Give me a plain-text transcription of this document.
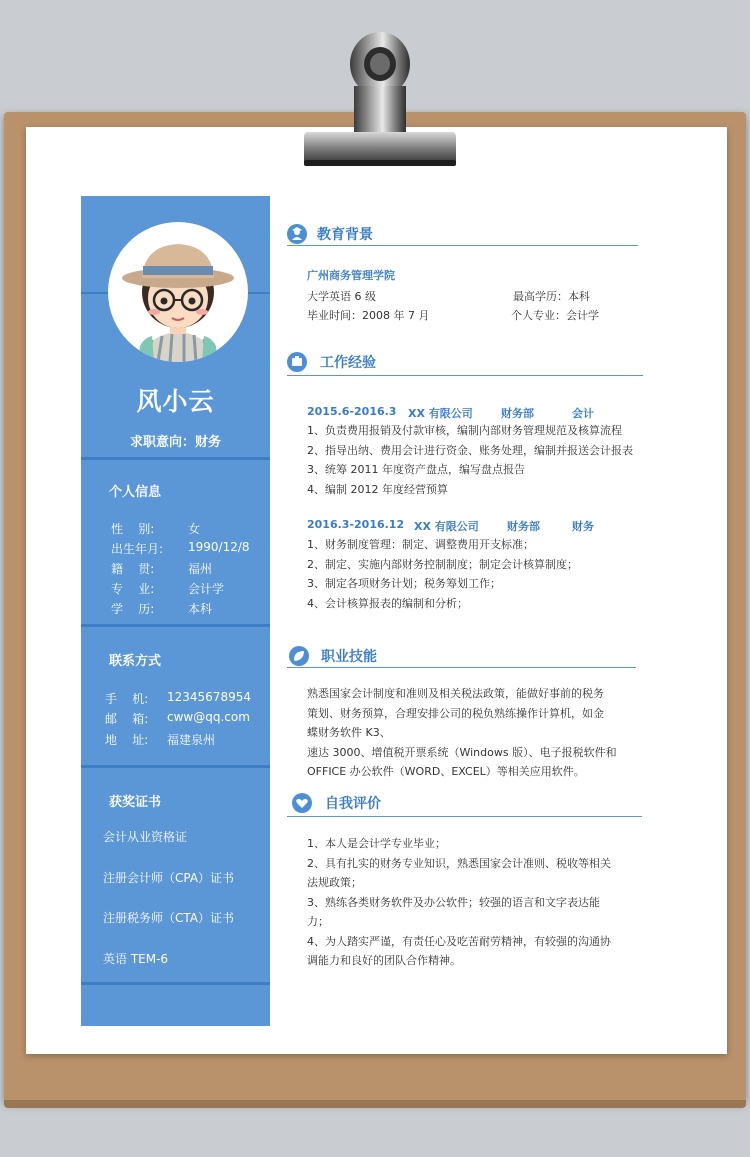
风小云
求职意向：财务
个人信息
性    别:	女
出生年月: 1990/12/8
籍    贯:	福州
专    业:	会计学
学    历:	本科
联系方式
手    机: 12345678954
邮    箱: cww@qq.com
地    址: 福建泉州
获奖证书
会计从业资格证
注册会计师（CPA）证书
注册税务师（CTA）证书
英语 TEM-6
教育背景
广州商务管理学院
大学英语 6 级	最高学历：本科
毕业时间：2008 年 7 月	个人专业：会计学
工作经验
2015.6-2016.3 XX 有限公司	财务部	会计
1、负责费用报销及付款审核，编制内部财务管理规范及核算流程
2、指导出纳、费用会计进行资金、账务处理，编制并报送会计报表
3、统筹 2011 年度资产盘点，编写盘点报告
4、编制 2012 年度经营预算
2016.3-2016.12 XX 有限公司	财务部	财务
1、财务制度管理：制定、调整费用开支标准；
2、制定、实施内部财务控制制度；制定会计核算制度；
3、制定各项财务计划；税务筹划工作；
4、会计核算报表的编制和分析；
职业技能
熟悉国家会计制度和准则及相关税法政策，能做好事前的税务
策划、财务预算，合理安排公司的税负熟练操作计算机，如金
蝶财务软件 K3、
速达 3000、增值税开票系统（Windows 版）、电子报税软件和
OFFICE 办公软件（WORD、EXCEL）等相关应用软件。
自我评价
1、本人是会计学专业毕业；
2、具有扎实的财务专业知识，熟悉国家会计准则、税收等相关
法规政策；
3、熟练各类财务软件及办公软件；较强的语言和文字表达能
力；
4、为人踏实严谨，有责任心及吃苦耐劳精神，有较强的沟通协
调能力和良好的团队合作精神。
